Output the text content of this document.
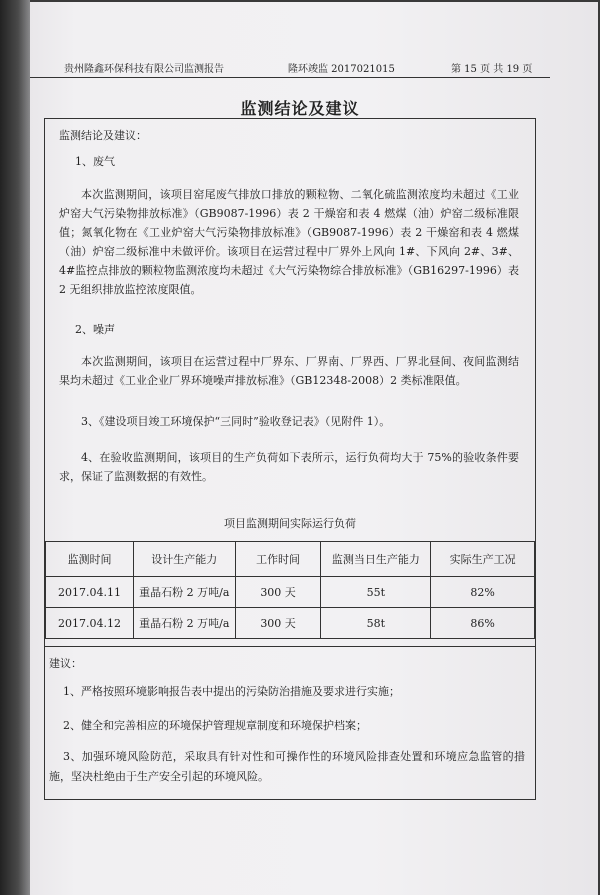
贵州隆鑫环保科技有限公司监测报告	隆环竣监 2017021015	第 15 页 共 19 页
监测结论及建议
监测结论及建议：
1、废气
本次监测期间，该项目窑尾废气排放口排放的颗粒物、二氧化硫监测浓度均未超过《工业炉窑大气污染物排放标准》（GB9087-1996）表 2 干燥窑和表 4 燃煤（油）炉窑二级标准限值；氮氧化物在《工业炉窑大气污染物排放标准》（GB9087-1996）表 2 干燥窑和表 4 燃煤（油）炉窑二级标准中未做评价。该项目在运营过程中厂界外上风向 1#、下风向 2#、3#、4#监控点排放的颗粒物监测浓度均未超过《大气污染物综合排放标准》（GB16297-1996）表 2 无组织排放监控浓度限值。
2、噪声
本次监测期间，该项目在运营过程中厂界东、厂界南、厂界西、厂界北昼间、夜间监测结果均未超过《工业企业厂界环境噪声排放标准》（GB12348-2008）2 类标准限值。
3、《建设项目竣工环境保护“三同时”验收登记表》（见附件 1）。
4、在验收监测期间，该项目的生产负荷如下表所示，运行负荷均大于 75%的验收条件要求，保证了监测数据的有效性。
项目监测期间实际运行负荷
监测时间	设计生产能力	工作时间	监测当日生产能力	实际生产工况
2017.04.11	重晶石粉 2 万吨/a	300 天	55t	82%
2017.04.12	重晶石粉 2 万吨/a	300 天	58t	86%
建议：
1、严格按照环境影响报告表中提出的污染防治措施及要求进行实施；
2、健全和完善相应的环境保护管理规章制度和环境保护档案；
3、加强环境风险防范，采取具有针对性和可操作性的环境风险排查处置和环境应急监管的措施，坚决杜绝由于生产安全引起的环境风险。
